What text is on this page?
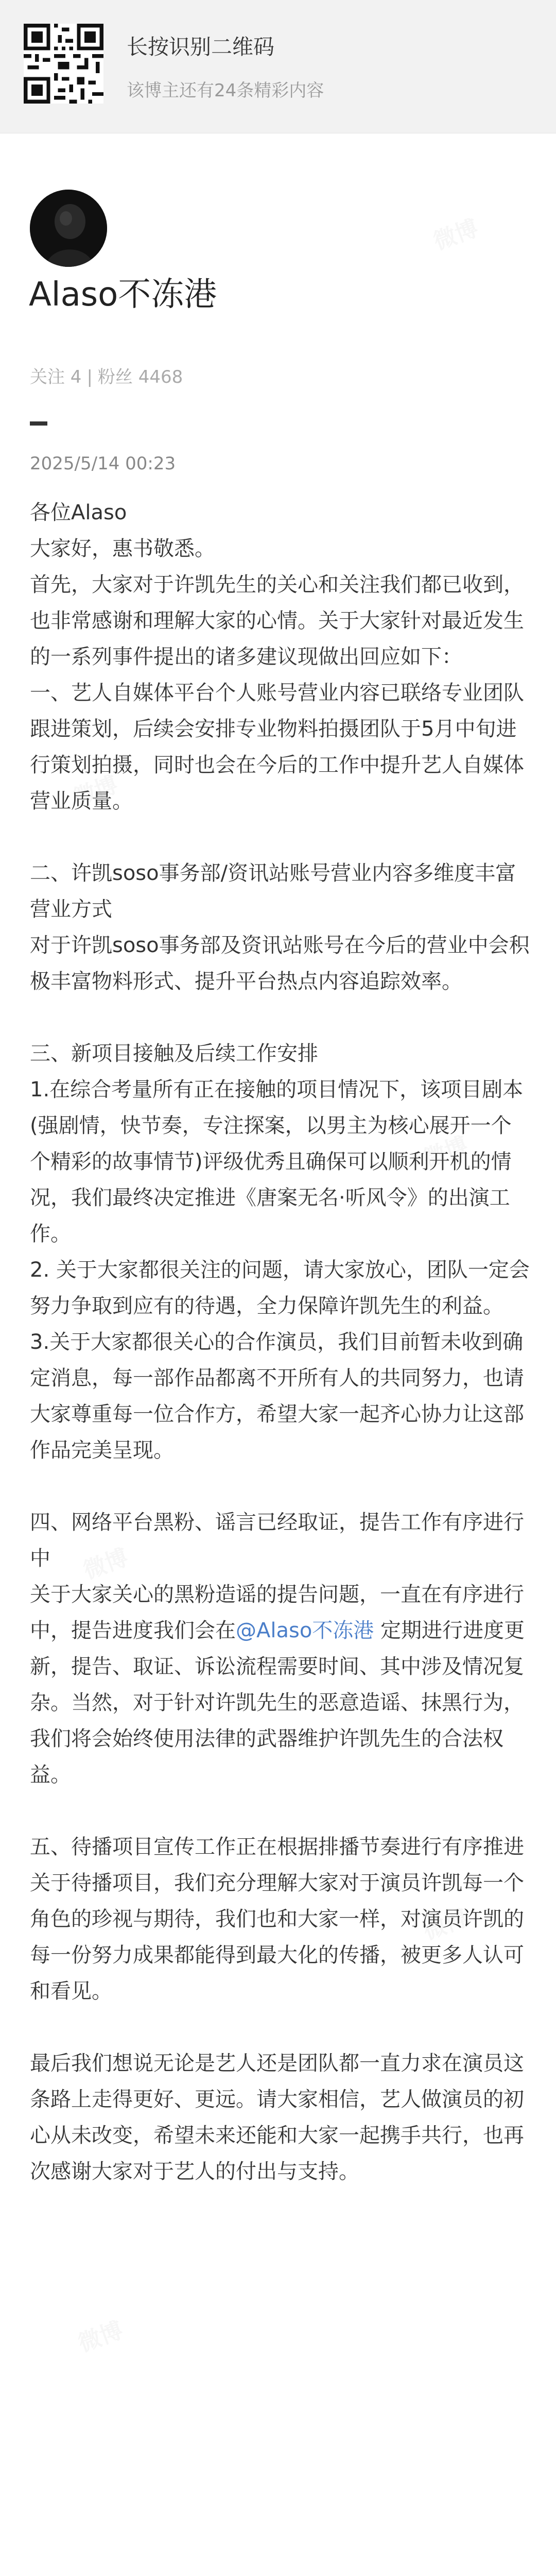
长按识别二维码
该博主还有24条精彩内容
Alaso不冻港
关注 4 | 粉丝 4468
2025/5/14 00:23

各位Alaso

大家好，惠书敬悉。

首先，大家对于许凯先生的关心和关注我们都已收到，也非常感谢和理解大家的心情。关于大家针对最近发生的一系列事件提出的诸多建议现做出回应如下：

一、艺人自媒体平台个人账号营业内容已联络专业团队跟进策划，后续会安排专业物料拍摄团队于5月中旬进行策划拍摄，同时也会在今后的工作中提升艺人自媒体营业质量。

二、许凯soso事务部/资讯站账号营业内容多维度丰富营业方式

对于许凯soso事务部及资讯站账号在今后的营业中会积极丰富物料形式、提升平台热点内容追踪效率。

三、新项目接触及后续工作安排

1.在综合考量所有正在接触的项目情况下，该项目剧本(强剧情，快节奏，专注探案，以男主为核心展开一个个精彩的故事情节)评级优秀且确保可以顺利开机的情况，我们最终决定推进《唐案无名·听风令》的出演工作。

2. 关于大家都很关注的问题，请大家放心，团队一定会努力争取到应有的待遇，全力保障许凯先生的利益。

3.关于大家都很关心的合作演员，我们目前暂未收到确定消息，每一部作品都离不开所有人的共同努力，也请大家尊重每一位合作方，希望大家一起齐心协力让这部作品完美呈现。

四、网络平台黑粉、谣言已经取证，提告工作有序进行中

关于大家关心的黑粉造谣的提告问题，一直在有序进行中，提告进度我们会在@Alaso不冻港 定期进行进度更新，提告、取证、诉讼流程需要时间、其中涉及情况复杂。当然，对于针对许凯先生的恶意造谣、抹黑行为，我们将会始终使用法律的武器维护许凯先生的合法权益。

五、待播项目宣传工作正在根据排播节奏进行有序推进

关于待播项目，我们充分理解大家对于演员许凯每一个角色的珍视与期待，我们也和大家一样，对演员许凯的每一份努力成果都能得到最大化的传播，被更多人认可和看见。

最后我们想说无论是艺人还是团队都一直力求在演员这条路上走得更好、更远。请大家相信，艺人做演员的初心从未改变，希望未来还能和大家一起携手共行，也再次感谢大家对于艺人的付出与支持。
